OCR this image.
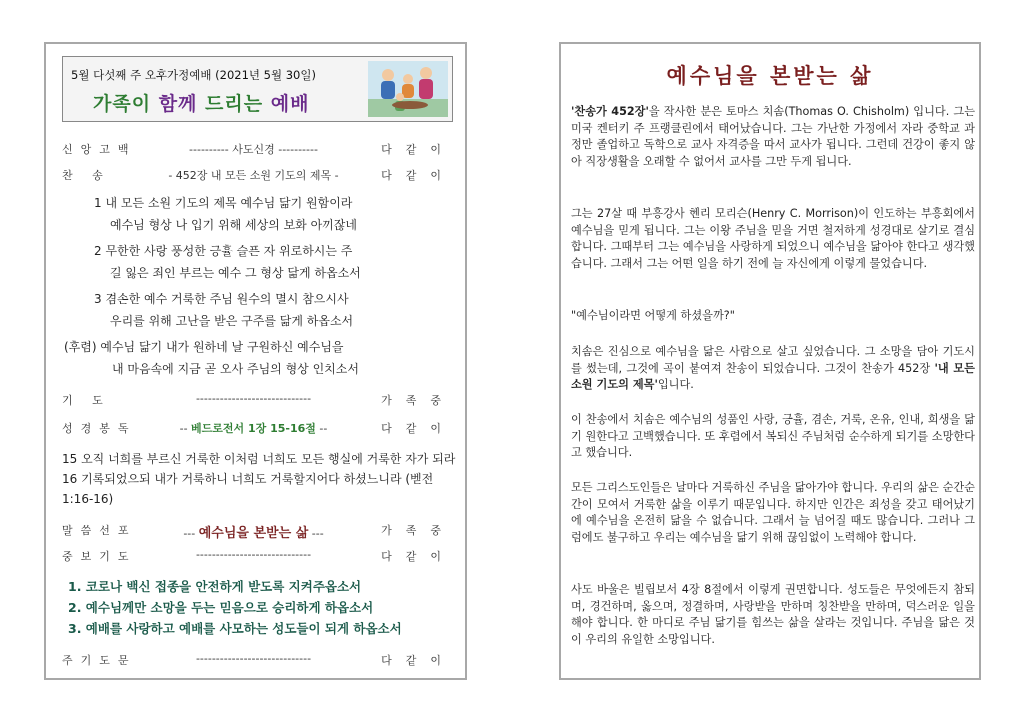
5월 다섯째 주 오후가정예배 (2021년 5월 30일)
가족이 함께 드리는 예배
신앙고백	---------- 사도신경 ----------	다같이
찬 송	- 452장 내 모든 소원 기도의 제목 -	다같이
1 내 모든 소원 기도의 제목 예수님 닮기 원함이라
예수님 형상 나 입기 위해 세상의 보화 아끼잖네
2 무한한 사랑 풍성한 긍휼 슬픈 자 위로하시는 주
길 잃은 죄인 부르는 예수 그 형상 닮게 하옵소서
3 겸손한 예수 거룩한 주님 원수의 멸시 참으시사
우리를 위해 고난을 받은 구주를 닮게 하옵소서
(후렴) 예수님 닮기 내가 원하네 날 구원하신 예수님을
내 마음속에 지금 곧 오사 주님의 형상 인치소서
기 도	-----------------------------	가족중
성경봉독	-- 베드로전서 1장 15-16절 --	다같이
15 오직 너희를 부르신 거룩한 이처럼 너희도 모든 행실에 거룩한 자가 되라 16 기록되었으되 내가 거룩하니 너희도 거룩할지어다 하셨느니라 (벧전 1:16-16)
말씀선포	--- 예수님을 본받는 삶 ---	가족중
중보기도	-----------------------------	다같이
1. 코로나 백신 접종을 안전하게 받도록 지켜주옵소서
2. 예수님께만 소망을 두는 믿음으로 승리하게 하옵소서
3. 예배를 사랑하고 예배를 사모하는 성도들이 되게 하옵소서
주기도문	-----------------------------	다같이
예수님을 본받는 삶
'찬송가 452장'을 작사한 분은 토마스 치솜(Thomas O. Chisholm) 입니다. 그는 미국 켄터키 주 프랭클린에서 태어났습니다. 그는 가난한 가정에서 자라 중학교 과정만 졸업하고 독학으로 교사 자격증을 따서 교사가 됩니다. 그런데 건강이 좋지 않아 직장생활을 오래할 수 없어서 교사를 그만 두게 됩니다.
그는 27살 때 부흥강사 헨리 모리슨(Henry C. Morrison)이 인도하는 부흥회에서 예수님을 믿게 됩니다. 그는 이왕 주님을 믿을 거면 철저하게 성경대로 살기로 결심합니다. 그때부터 그는 예수님을 사랑하게 되었으니 예수님을 닮아야 한다고 생각했습니다. 그래서 그는 어떤 일을 하기 전에 늘 자신에게 이렇게 물었습니다.
"예수님이라면 어떻게 하셨을까?"
치솜은 진심으로 예수님을 닮은 사람으로 살고 싶었습니다. 그 소망을 담아 기도시를 썼는데, 그것에 곡이 붙여져 찬송이 되었습니다. 그것이 찬송가 452장 '내 모든 소원 기도의 제목'입니다.
이 찬송에서 치솜은 예수님의 성품인 사랑, 긍휼, 겸손, 거룩, 온유, 인내, 희생을 닮기 원한다고 고백했습니다. 또 후렴에서 복되신 주님처럼 순수하게 되기를 소망한다고 했습니다.
모든 그리스도인들은 날마다 거룩하신 주님을 닮아가야 합니다. 우리의 삶은 순간순간이 모여서 거룩한 삶을 이루기 때문입니다. 하지만 인간은 죄성을 갖고 태어났기에 예수님을 온전히 닮을 수 없습니다. 그래서 늘 넘어질 때도 많습니다. 그러나 그럼에도 불구하고 우리는 예수님을 닮기 위해 끊임없이 노력해야 합니다.
사도 바울은 빌립보서 4장 8절에서 이렇게 권면합니다. 성도들은 무엇에든지 참되며, 경건하며, 옳으며, 정결하며, 사랑받을 만하며 칭찬받을 만하며, 덕스러운 일을 해야 합니다. 한 마디로 주님 닮기를 힘쓰는 삶을 살라는 것입니다. 주님을 닮은 것이 우리의 유일한 소망입니다.
